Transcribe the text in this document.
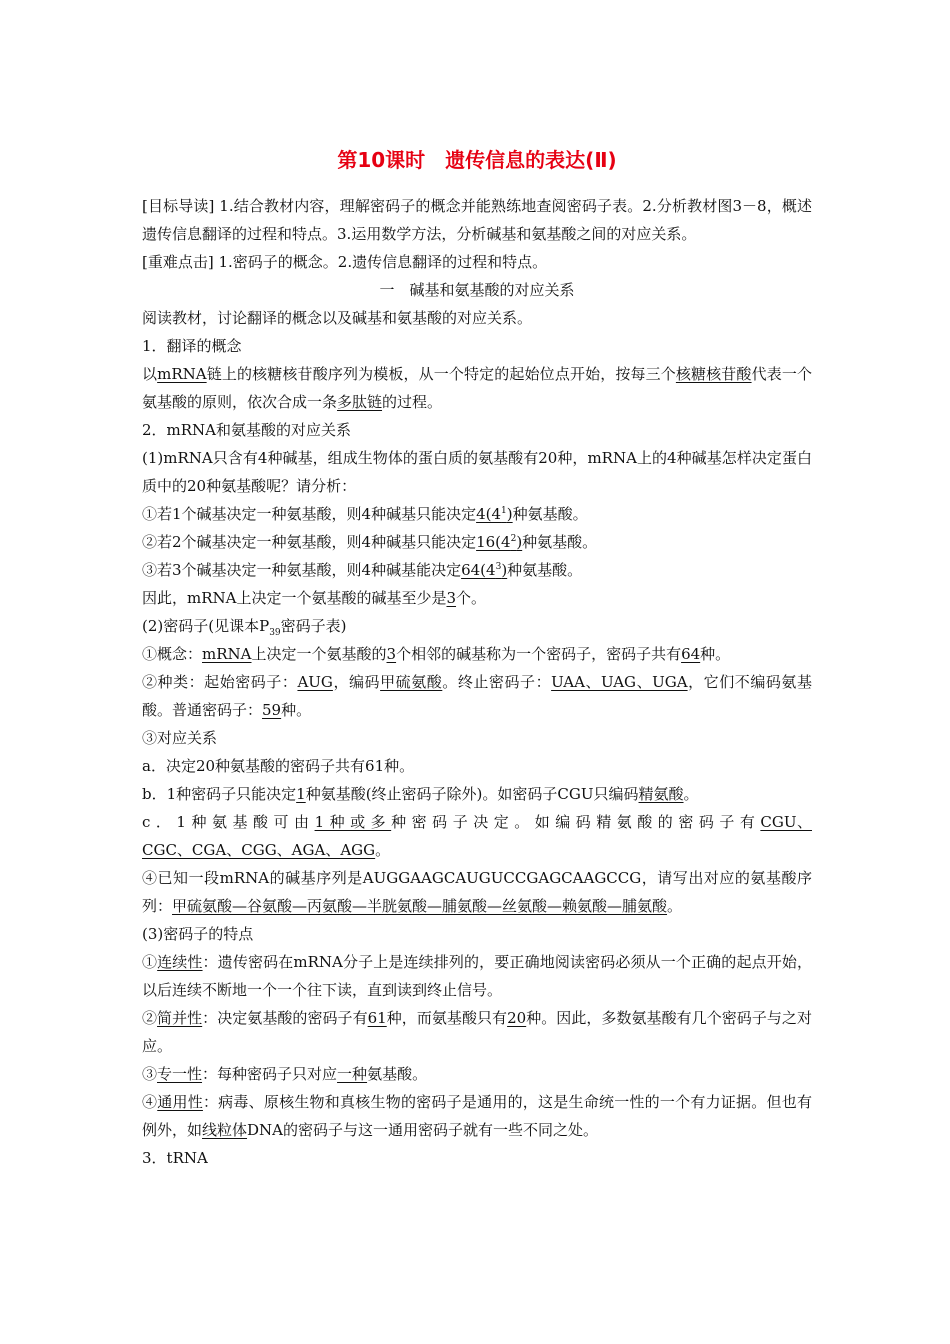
第10课时　遗传信息的表达(Ⅱ)

[目标导读] 1.结合教材内容，理解密码子的概念并能熟练地查阅密码子表。2.分析教材图3－8，概述遗传信息翻译的过程和特点。3.运用数学方法，分析碱基和氨基酸之间的对应关系。

[重难点击] 1.密码子的概念。2.遗传信息翻译的过程和特点。

一　碱基和氨基酸的对应关系

阅读教材，讨论翻译的概念以及碱基和氨基酸的对应关系。

1．翻译的概念

以mRNA链上的核糖核苷酸序列为模板，从一个特定的起始位点开始，按每三个核糖核苷酸代表一个氨基酸的原则，依次合成一条多肽链的过程。

2．mRNA和氨基酸的对应关系

(1)mRNA只含有4种碱基，组成生物体的蛋白质的氨基酸有20种，mRNA上的4种碱基怎样决定蛋白质中的20种氨基酸呢？请分析：

①若1个碱基决定一种氨基酸，则4种碱基只能决定$4(4^1)$种氨基酸。

②若2个碱基决定一种氨基酸，则4种碱基只能决定$16(4^2)$种氨基酸。

③若3个碱基决定一种氨基酸，则4种碱基能决定$64(4^3)$种氨基酸。

因此，mRNA上决定一个氨基酸的碱基至少是3个。

(2)密码子(见课本$P_{39}$密码子表)

①概念：mRNA上决定一个氨基酸的3个相邻的碱基称为一个密码子，密码子共有64种。

②种类：起始密码子：AUG，编码甲硫氨酸。终止密码子：UAA、UAG、UGA，它们不编码氨基酸。普通密码子：59种。

③对应关系

a．决定20种氨基酸的密码子共有61种。

b．1种密码子只能决定1种氨基酸(终止密码子除外)。如密码子CGU只编码精氨酸。

c．1种氨基酸可由1种或多种密码子决定。如编码精氨酸的密码子有CGU、CGC、CGA、CGG、AGA、AGG。

④已知一段mRNA的碱基序列是AUGGAAGCAUGUCCGAGCAAGCCG，请写出对应的氨基酸序列：甲硫氨酸—谷氨酸—丙氨酸—半胱氨酸—脯氨酸—丝氨酸—赖氨酸—脯氨酸。

(3)密码子的特点

①连续性：遗传密码在mRNA分子上是连续排列的，要正确地阅读密码必须从一个正确的起点开始，以后连续不断地一个一个往下读，直到读到终止信号。

②简并性：决定氨基酸的密码子有61种，而氨基酸只有20种。因此，多数氨基酸有几个密码子与之对应。

③专一性：每种密码子只对应一种氨基酸。

④通用性：病毒、原核生物和真核生物的密码子是通用的，这是生命统一性的一个有力证据。但也有例外，如线粒体DNA的密码子与这一通用密码子就有一些不同之处。

3．tRNA
